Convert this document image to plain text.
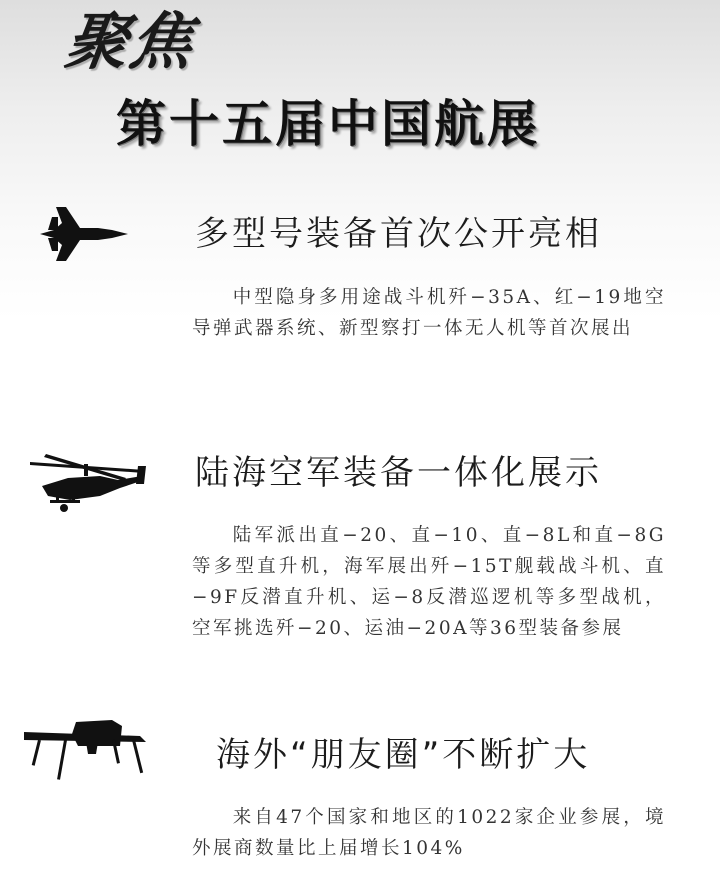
聚焦
第十五届中国航展
多型号装备首次公开亮相

中型隐身多用途战斗机歼−35A、红−19地空导弹武器系统、新型察打一体无人机等首次展出

陆海空军装备一体化展示

陆军派出直−20、直−10、直−8L和直−8G等多型直升机，海军展出歼−15T舰载战斗机、直−9F反潜直升机、运−8反潜巡逻机等多型战机，空军挑选歼−20、运油−20A等36型装备参展

海外“朋友圈”不断扩大

来自47个国家和地区的1022家企业参展，境外展商数量比上届增长104%
